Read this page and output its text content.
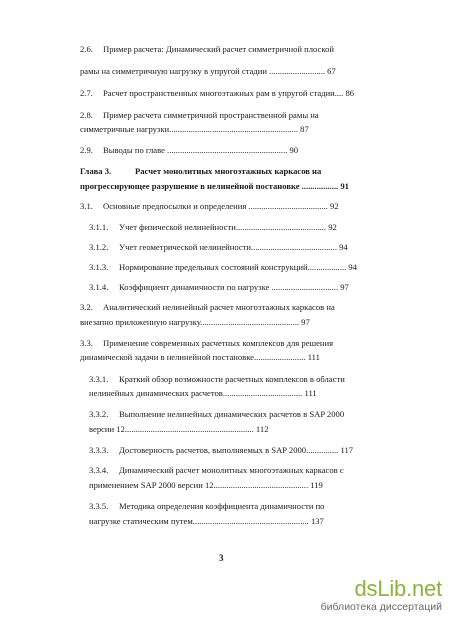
2.6. Пример расчета: Динамический расчет симметричной плоской
рамы на симметричную нагрузку в упругой стадии .......................... 67
2.7. Расчет пространственных многоэтажных рам в упругой стадии.... 86
2.8. Пример расчета симметричной пространственной рамы на
симметричные нагрузки............................................................ 87
2.9. Выводы по главе ........................................................ 90
Глава 3.	Расчет монолитных многоэтажных каркасов на
прогрессирующее разрушение в нелинейной постановке ................. 91
3.1. Основные предпосылки и определения ..................................... 92
3.1.1. Учет физической нелинейности.......................................... 92
3.1.2. Учет геометрической нелинейности........................................ 94
3.1.3. Нормирование предельных состояний конструкций.................. 94
3.1.4. Коэффициент динамичности по нагрузке ............................... 97
3.2. Аналитический нелинейный расчет многоэтажных каркасов на
внезапно приложенную нагрузку.............................................. 97
3.3. Применение современных расчетных комплексов для решения
динамической задачи в нелинейной постановке........................ 111
3.3.1. Краткий обзор возможности расчетных комплексов в области
нелинейных динамических расчетов..................................... 111
3.3.2. Выполнение нелинейных динамических расчетов в SAP 2000
версии 12............................................................ 112
3.3.3. Достоверность расчетов, выполняемых в SAP 2000............... 117
3.3.4. Динамический расчет монолитных многоэтажных каркасов с
применением SAP 2000 версии 12............................................ 119
3.3.5. Методика определения коэффициента динамичности по
нагрузке статическим путем...................................................... 137
3
dsLib.net
библиотека диссертаций
